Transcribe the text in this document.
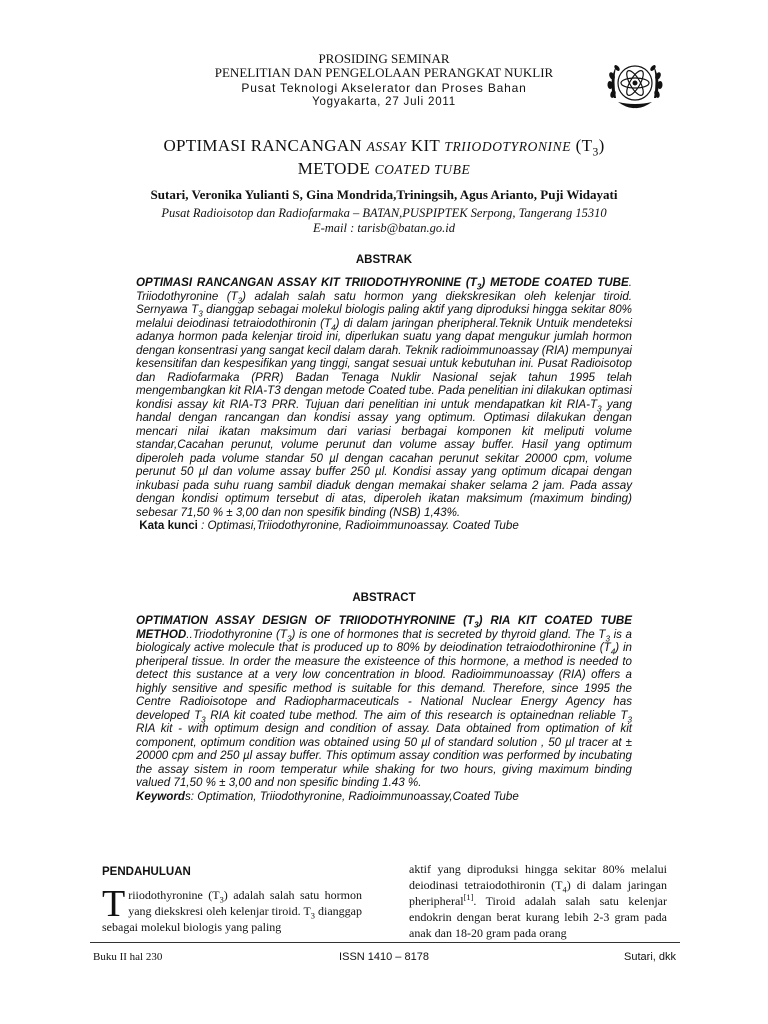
PROSIDING SEMINAR
PENELITIAN DAN PENGELOLAAN PERANGKAT NUKLIR
Pusat Teknologi Akselerator dan Proses Bahan
Yogyakarta, 27 Juli 2011
OPTIMASI RANCANGAN ASSAY KIT TRIIODOTYRONINE $(T_3)$
METODE COATED TUBE
Sutari, Veronika Yulianti S, Gina Mondrida,Triningsih, Agus Arianto, Puji Widayati
Pusat Radioisotop dan Radiofarmaka – BATAN,PUSPIPTEK Serpong, Tangerang 15310
E-mail : tarisb@batan.go.id
ABSTRAK
OPTIMASI RANCANGAN ASSAY KIT TRIIODOTHYRONINE $(T_3)$ METODE COATED TUBE. Triiodothyronine $(T_3)$ adalah salah satu hormon yang diekskresikan oleh kelenjar tiroid. Sernyawa $T_3$ dianggap sebagai molekul biologis paling aktif yang diproduksi hingga sekitar 80% melalui deiodinasi tetraiodothironin $(T_4)$ di dalam jaringan pheripheral.Teknik Untuik mendeteksi adanya hormon pada kelenjar tiroid ini, diperlukan suatu yang dapat mengukur jumlah hormon dengan konsentrasi yang sangat kecil dalam darah. Teknik radioimmunoassay (RIA) mempunyai kesensitifan dan kespesifikan yang tinggi, sangat sesuai untuk kebutuhan ini. Pusat Radioisotop dan Radiofarmaka (PRR) Badan Tenaga Nuklir Nasional sejak tahun 1995 telah mengembangkan kit RIA-T3 dengan metode Coated tube. Pada penelitian ini dilakukan optimasi kondisi assay kit RIA-T3 PRR. Tujuan dari penelitian ini untuk mendapatkan kit RIA-$T_3$ yang handal dengan rancangan dan kondisi assay yang optimum. Optimasi dilakukan dengan mencari nilai ikatan maksimum dari variasi berbagai komponen kit meliputi volume standar,Cacahan perunut, volume perunut dan volume assay buffer. Hasil yang optimum diperoleh pada volume standar 50 µl dengan cacahan perunut sekitar 20000 cpm, volume perunut 50 µl dan volume assay buffer 250 µl. Kondisi assay yang optimum dicapai dengan inkubasi pada suhu ruang sambil diaduk dengan memakai shaker selama 2 jam. Pada assay dengan kondisi optimum tersebut di atas, diperoleh ikatan maksimum (maximum binding) sebesar 71,50 % ± 3,00 dan non spesifik binding (NSB) 1,43%.
Kata kunci : Optimasi,Triiodothyronine, Radioimmunoassay. Coated Tube
ABSTRACT
OPTIMATION ASSAY DESIGN OF TRIIODOTHYRONINE $(T_3)$ RIA KIT COATED TUBE METHOD..Triodothyronine $(T_3)$ is one of hormones that is secreted by thyroid gland. The $T_3$ is a biologicaly active molecule that is produced up to 80% by deiodination tetraiodothironine $(T_4)$ in pheriperal tissue. In order the measure the existeence of this hormone, a method is needed to detect this sustance at a very low concentration in blood. Radioimmunoassay (RIA) offers a highly sensitive and spesific method is suitable for this demand. Therefore, since 1995 the Centre Radioisotope and Radiopharmaceuticals - National Nuclear Energy Agency has developed $T_3$ RIA kit coated tube method. The aim of this research is optainednan reliable $T_3$ RIA kit - with optimum design and condition of assay. Data obtained from optimation of kit component, optimum condition was obtained using 50 µl of standard solution , 50 µl tracer at ± 20000 cpm and 250 µl assay buffer. This optimum assay condition was performed by incubating the assay sistem in room temperatur while shaking for two hours, giving maximum binding valued 71,50 % ± 3,00 and non spesific binding 1.43 %.
Keywords: Optimation, Triiodothyronine, Radioimmunoassay,Coated Tube
PENDAHULUAN
Triiodothyronine $(T_3)$ adalah salah satu hormon yang diekskresi oleh kelenjar tiroid. $T_3$ dianggap sebagai molekul biologis yang paling
aktif yang diproduksi hingga sekitar 80% melalui deiodinasi tetraiodothironin $(T_4)$ di dalam jaringan pheripheral[1]. Tiroid adalah salah satu kelenjar endokrin dengan berat kurang lebih 2-3 gram pada anak dan 18-20 gram pada orang
Buku II hal 230	ISSN 1410 – 8178	Sutari, dkk
